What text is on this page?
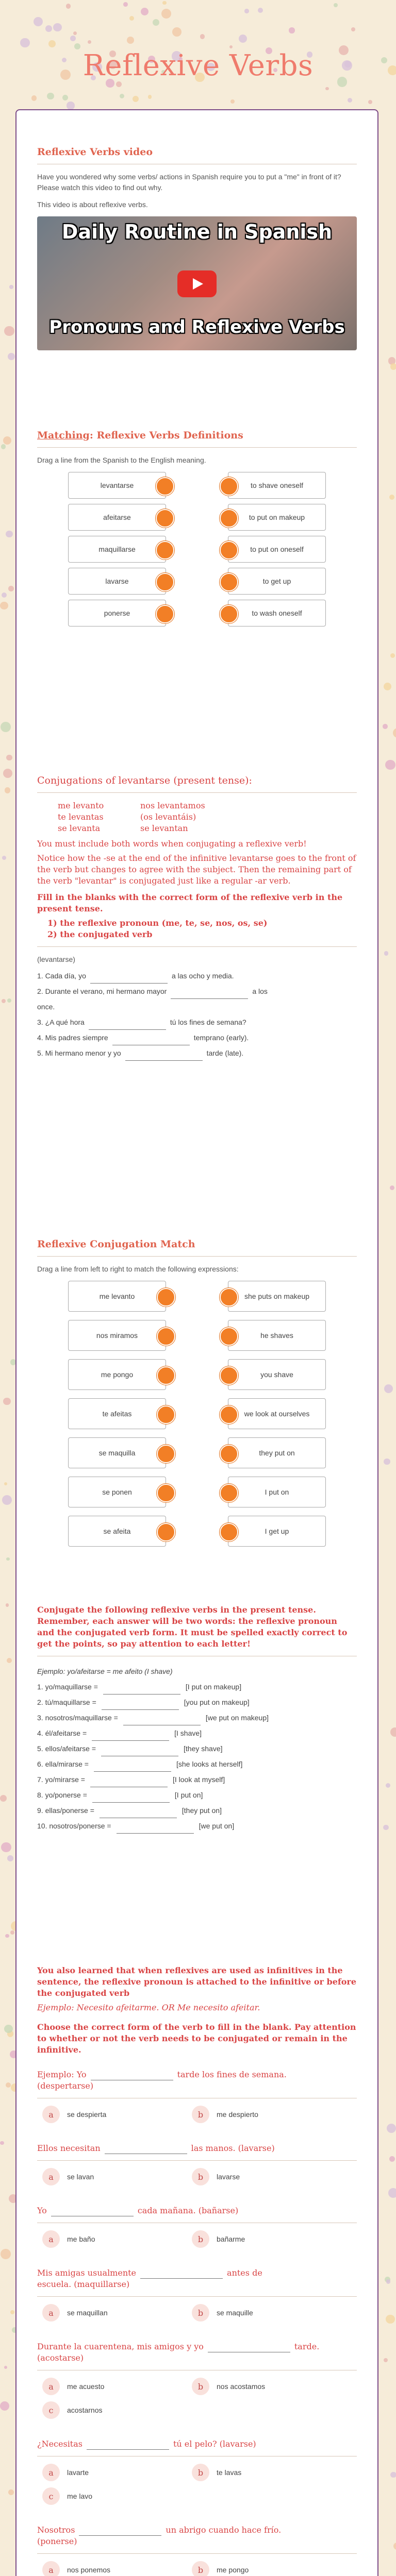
Reflexive Verbs
Reflexive Verbs video

Have you wondered why some verbs/ actions in Spanish require you to put a "me" in front of it? Please watch this video to find out why.

This video is about reflexive verbs.

Daily Routine in Spanish
Pronouns and Reflexive Verbs
Matching: Reflexive Verbs Definitions

Drag a line from the Spanish to the English meaning.

levantarse	to shave oneself
afeitarse	to put on makeup
maquillarse	to put on oneself
lavarse	to get up
ponerse	to wash oneself
Conjugations of levantarse (present tense):
me levanto	nos levantamos
te levantas	(os levantáis)
se levanta	se levantan
You must include both words when conjugating a reflexive verb!
Notice how the -se at the end of the infinitive levantarse goes to the front of the verb but changes to agree with the subject. Then the remaining part of the verb "levantar" is conjugated just like a regular -ar verb.
Fill in the blanks with the correct form of the reflexive verb in the present tense.
1) the reflexive pronoun (me, te, se, nos, os, se)
2) the conjugated verb
(levantarse)
1. Cada día, yo	a las ocho y media.
2. Durante el verano, mi hermano mayor	a los
once.
3. ¿A qué hora	tú los fines de semana?
4. Mis padres siempre	temprano (early).
5. Mi hermano menor y yo	tarde (late).
Reflexive Conjugation Match

Drag a line from left to right to match the following expressions:

me levanto	she puts on makeup
nos miramos	he shaves
me pongo	you shave
te afeitas	we look at ourselves
se maquilla	they put on
se ponen	I put on
se afeita	I get up
Conjugate the following reflexive verbs in the present tense. Remember, each answer will be two words: the reflexive pronoun and the conjugated verb form. It must be spelled exactly correct to get the points, so pay attention to each letter!
Ejemplo: yo/afeitarse = me afeito (I shave)
1. yo/maquillarse =	[I put on makeup]
2. tú/maquillarse =	[you put on makeup]
3. nosotros/maquillarse =	[we put on makeup]
4. él/afeitarse =	[I shave]
5. ellos/afeitarse =	[they shave]
6. ella/mirarse =	[she looks at herself]
7. yo/mirarse =	[I look at myself]
8. yo/ponerse =	[I put on]
9. ellas/ponerse =	[they put on]
10. nosotros/ponerse =	[we put on]
You also learned that when reflexives are used as infinitives in the sentence, the reflexive pronoun is attached to the infinitive or before the conjugated verb
Ejemplo: Necesito afeitarme. OR Me necesito afeitar.
Choose the correct form of the verb to fill in the blank. Pay attention to whether or not the verb needs to be conjugated or remain in the infinitive.
Ejemplo: Yo	tarde los fines de semana.
(despertarse)
a	se despierta	b	me despierto
Ellos necesitan	las manos. (lavarse)
a	se lavan	b	lavarse
Yo	cada mañana. (bañarse)
a	me baño	b	bañarme
Mis amigas usualmente	antes de
escuela. (maquillarse)
a	se maquillan	b	se maquille
Durante la cuarentena, mis amigos y yo	tarde. (acostarse)
a	me acuesto	b	nos acostamos
c	acostarnos
¿Necesitas	tú el pelo? (lavarse)
a	lavarte	b	te lavas
c	me lavo
Nosotros	un abrigo cuando hace frío.
(ponerse)
a	nos ponemos	b	me pongo
